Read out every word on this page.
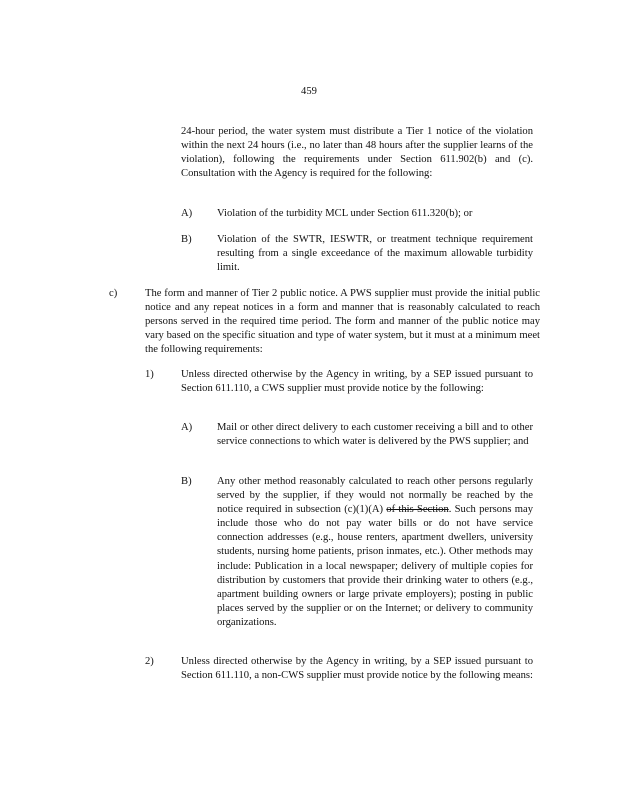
459
24-hour period, the water system must distribute a Tier 1 notice of the violation within the next 24 hours (i.e., no later than 48 hours after the supplier learns of the violation), following the requirements under Section 611.902(b) and (c). Consultation with the Agency is required for the following:
A) Violation of the turbidity MCL under Section 611.320(b); or
B) Violation of the SWTR, IESWTR, or treatment technique requirement resulting from a single exceedance of the maximum allowable turbidity limit.
c)	The form and manner of Tier 2 public notice. A PWS supplier must provide the initial public notice and any repeat notices in a form and manner that is reasonably calculated to reach persons served in the required time period. The form and manner of the public notice may vary based on the specific situation and type of water system, but it must at a minimum meet the following requirements:
1)	Unless directed otherwise by the Agency in writing, by a SEP issued pursuant to Section 611.110, a CWS supplier must provide notice by the following:
A) Mail or other direct delivery to each customer receiving a bill and to other service connections to which water is delivered by the PWS supplier; and
B) Any other method reasonably calculated to reach other persons regularly served by the supplier, if they would not normally be reached by the notice required in subsection (c)(1)(A) of this Section. Such persons may include those who do not pay water bills or do not have service connection addresses (e.g., house renters, apartment dwellers, university students, nursing home patients, prison inmates, etc.). Other methods may include: Publication in a local newspaper; delivery of multiple copies for distribution by customers that provide their drinking water to others (e.g., apartment building owners or large private employers); posting in public places served by the supplier or on the Internet; or delivery to community organizations.
2)	Unless directed otherwise by the Agency in writing, by a SEP issued pursuant to Section 611.110, a non-CWS supplier must provide notice by the following means:
